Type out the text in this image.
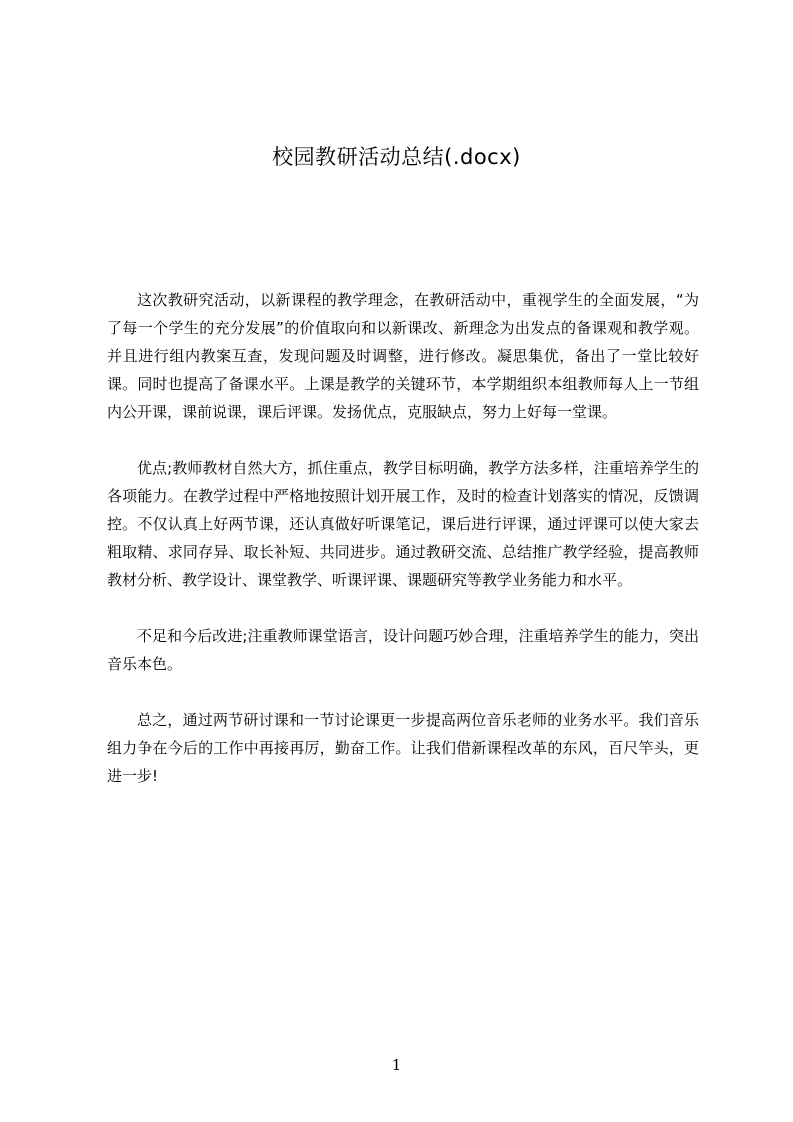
校园教研活动总结(.docx)

这次教研究活动，以新课程的教学理念，在教研活动中，重视学生的全面发展，“为了每一个学生的充分发展”的价值取向和以新课改、新理念为出发点的备课观和教学观。并且进行组内教案互查，发现问题及时调整，进行修改。凝思集优，备出了一堂比较好课。同时也提高了备课水平。上课是教学的关键环节，本学期组织本组教师每人上一节组内公开课，课前说课，课后评课。发扬优点，克服缺点，努力上好每一堂课。

优点;教师教材自然大方，抓住重点，教学目标明确，教学方法多样，注重培养学生的各项能力。在教学过程中严格地按照计划开展工作，及时的检查计划落实的情况，反馈调控。不仅认真上好两节课，还认真做好听课笔记，课后进行评课，通过评课可以使大家去粗取精、求同存异、取长补短、共同进步。通过教研交流、总结推广教学经验，提高教师教材分析、教学设计、课堂教学、听课评课、课题研究等教学业务能力和水平。

不足和今后改进;注重教师课堂语言，设计问题巧妙合理，注重培养学生的能力，突出音乐本色。

总之，通过两节研讨课和一节讨论课更一步提高两位音乐老师的业务水平。我们音乐组力争在今后的工作中再接再厉，勤奋工作。让我们借新课程改革的东风，百尺竿头，更进一步!

1
